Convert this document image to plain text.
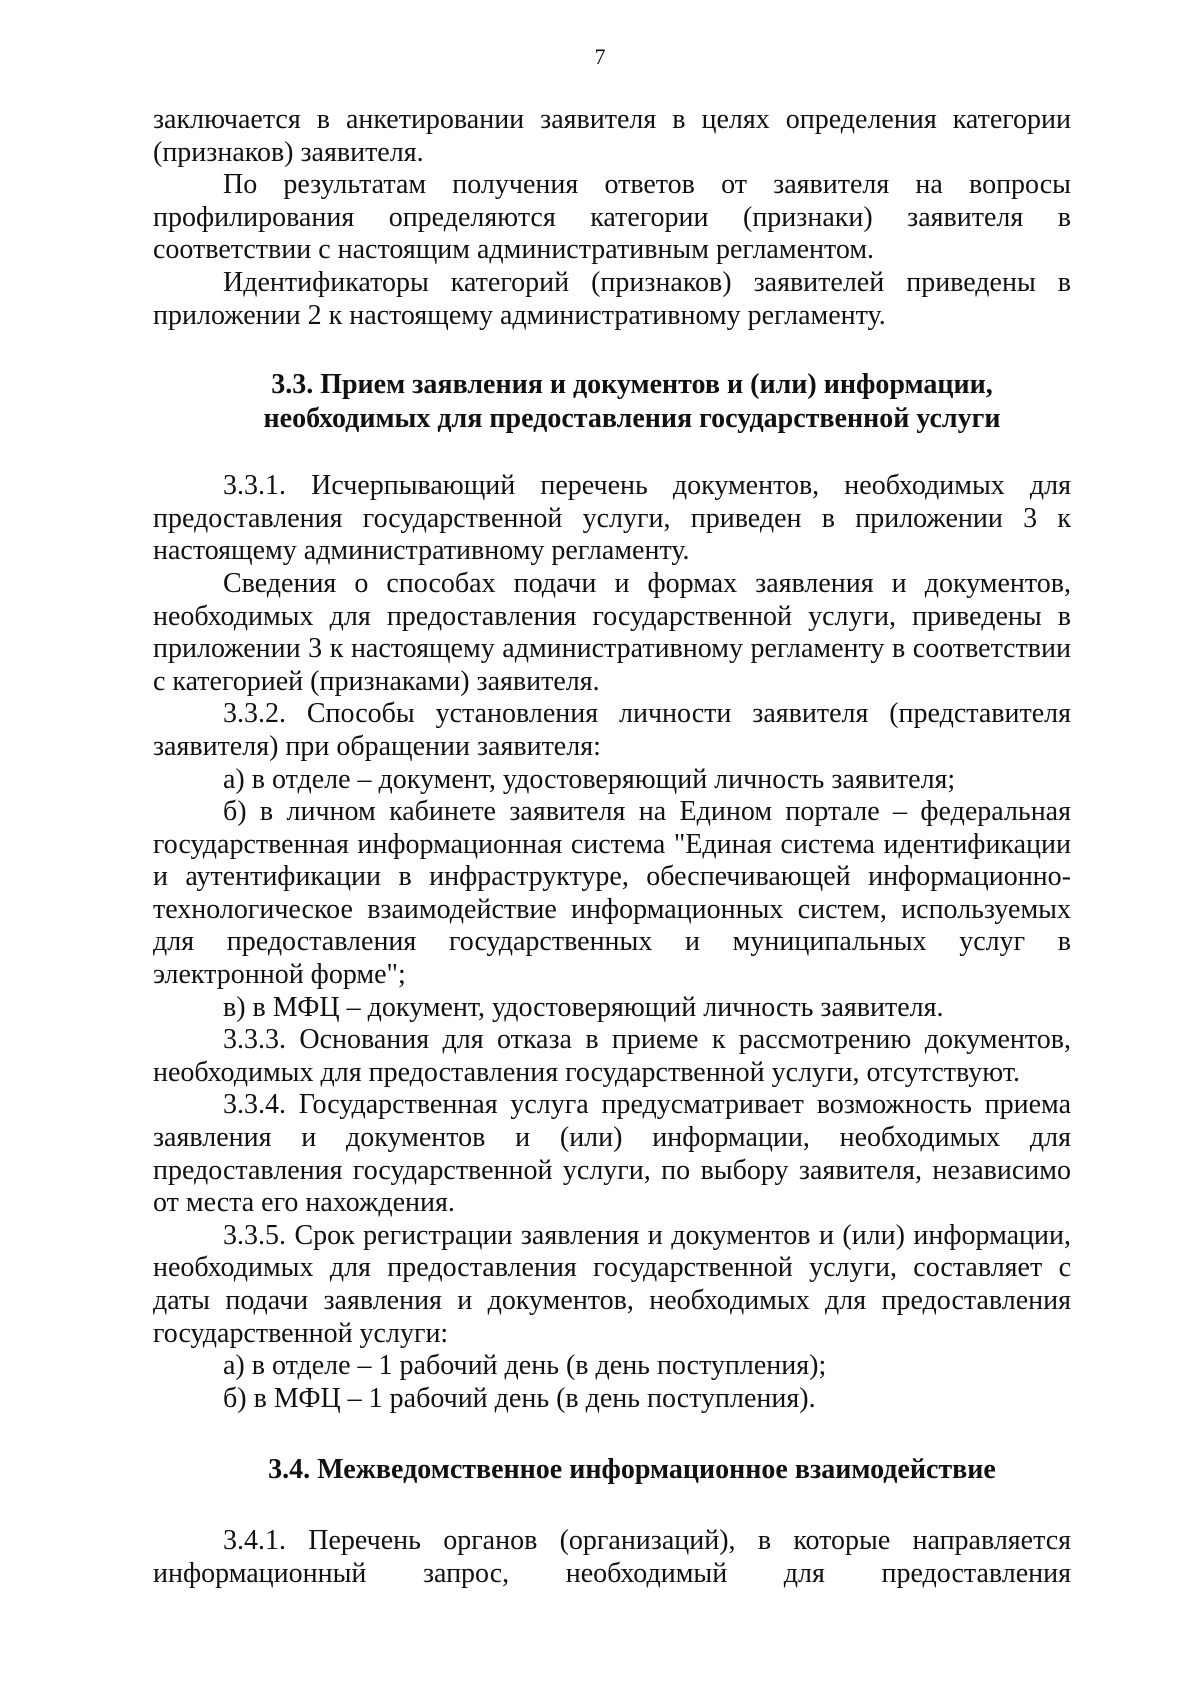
7

заключается в анкетировании заявителя в целях определения категории (признаков) заявителя.

По результатам получения ответов от заявителя на вопросы профилирования определяются категории (признаки) заявителя в соответствии с настоящим административным регламентом.

Идентификаторы категорий (признаков) заявителей приведены в приложении 2 к настоящему административному регламенту.

3.3. Прием заявления и документов и (или) информации,
необходимых для предоставления государственной услуги

3.3.1. Исчерпывающий перечень документов, необходимых для предоставления государственной услуги, приведен в приложении 3 к настоящему административному регламенту.

Сведения о способах подачи и формах заявления и документов, необходимых для предоставления государственной услуги, приведены в приложении 3 к настоящему административному регламенту в соответствии с категорией (признаками) заявителя.

3.3.2. Способы установления личности заявителя (представителя заявителя) при обращении заявителя:

а) в отделе – документ, удостоверяющий личность заявителя;

б) в личном кабинете заявителя на Едином портале – федеральная государственная информационная система "Единая система идентификации и аутентификации в инфраструктуре, обеспечивающей информационно-технологическое взаимодействие информационных систем, используемых для предоставления государственных и муниципальных услуг в электронной форме";

в) в МФЦ – документ, удостоверяющий личность заявителя.

3.3.3. Основания для отказа в приеме к рассмотрению документов, необходимых для предоставления государственной услуги, отсутствуют.

3.3.4. Государственная услуга предусматривает возможность приема заявления и документов и (или) информации, необходимых для предоставления государственной услуги, по выбору заявителя, независимо от места его нахождения.

3.3.5. Срок регистрации заявления и документов и (или) информации, необходимых для предоставления государственной услуги, составляет с даты подачи заявления и документов, необходимых для предоставления государственной услуги:

а) в отделе – 1 рабочий день (в день поступления);

б) в МФЦ – 1 рабочий день (в день поступления).

3.4. Межведомственное информационное взаимодействие

3.4.1. Перечень органов (организаций), в которые направляется информационный запрос, необходимый для предоставления
